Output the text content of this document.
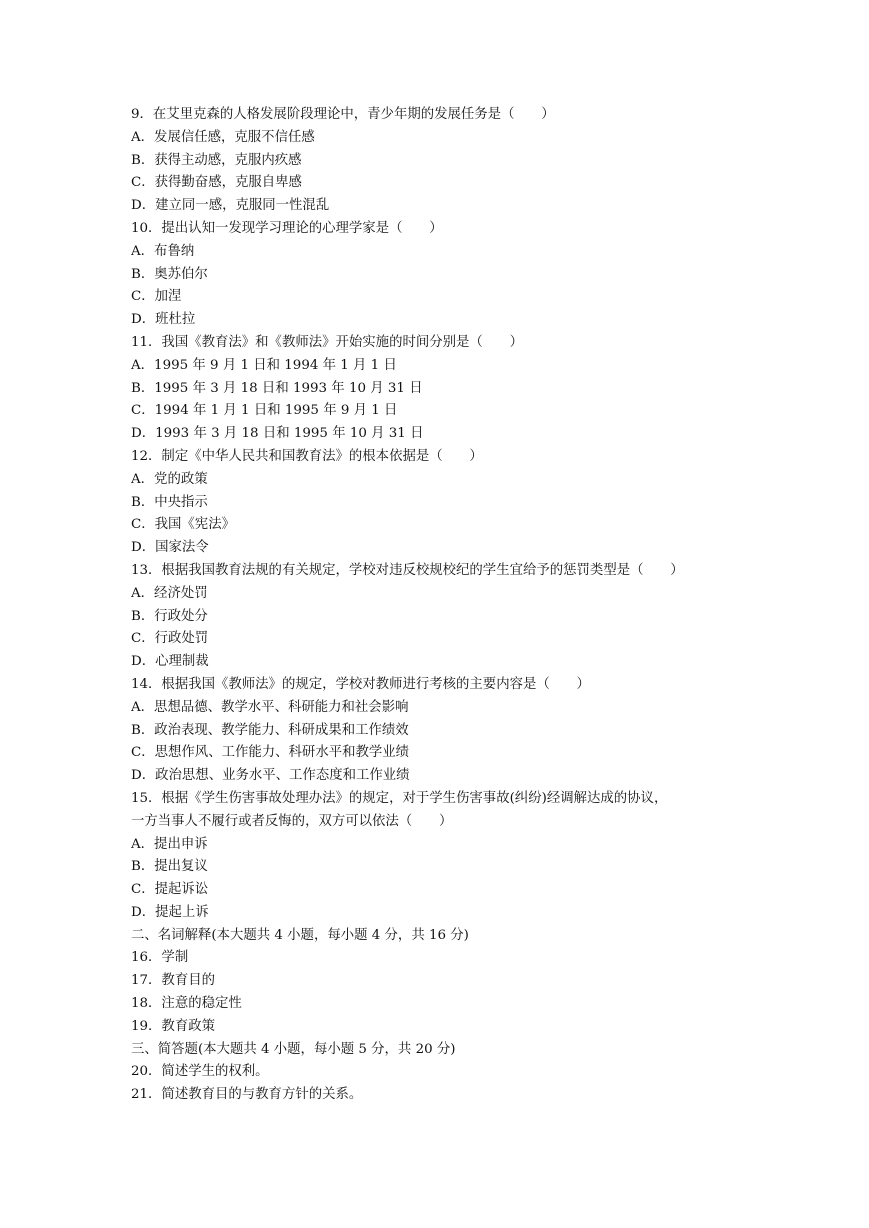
9．在艾里克森的人格发展阶段理论中，青少年期的发展任务是（　　）
A．发展信任感，克服不信任感
B．获得主动感，克服内疚感
C．获得勤奋感，克服自卑感
D．建立同一感，克服同一性混乱
10．提出认知一发现学习理论的心理学家是（　　）
A．布鲁纳
B．奥苏伯尔
C．加涅
D．班杜拉
11．我国《教育法》和《教师法》开始实施的时间分别是（　　）
A．1995 年 9 月 1 日和 1994 年 1 月 1 日
B．1995 年 3 月 18 日和 1993 年 10 月 31 日
C．1994 年 1 月 1 日和 1995 年 9 月 1 日
D．1993 年 3 月 18 日和 1995 年 10 月 31 日
12．制定《中华人民共和国教育法》的根本依据是（　　）
A．党的政策
B．中央指示
C．我国《宪法》
D．国家法令
13．根据我国教育法规的有关规定，学校对违反校规校纪的学生宜给予的惩罚类型是（　　）
A．经济处罚
B．行政处分
C．行政处罚
D．心理制裁
14．根据我国《教师法》的规定，学校对教师进行考核的主要内容是（　　）
A．思想品德、教学水平、科研能力和社会影响
B．政治表现、教学能力、科研成果和工作绩效
C．思想作风、工作能力、科研水平和教学业绩
D．政治思想、业务水平、工作态度和工作业绩
15．根据《学生伤害事故处理办法》的规定，对于学生伤害事故(纠纷)经调解达成的协议，
一方当事人不履行或者反悔的，双方可以依法（　　）
A．提出申诉
B．提出复议
C．提起诉讼
D．提起上诉
二、名词解释(本大题共 4 小题，每小题 4 分，共 16 分)
16．学制
17．教育目的
18．注意的稳定性
19．教育政策
三、简答题(本大题共 4 小题，每小题 5 分，共 20 分)
20．简述学生的权利。
21．简述教育目的与教育方针的关系。
